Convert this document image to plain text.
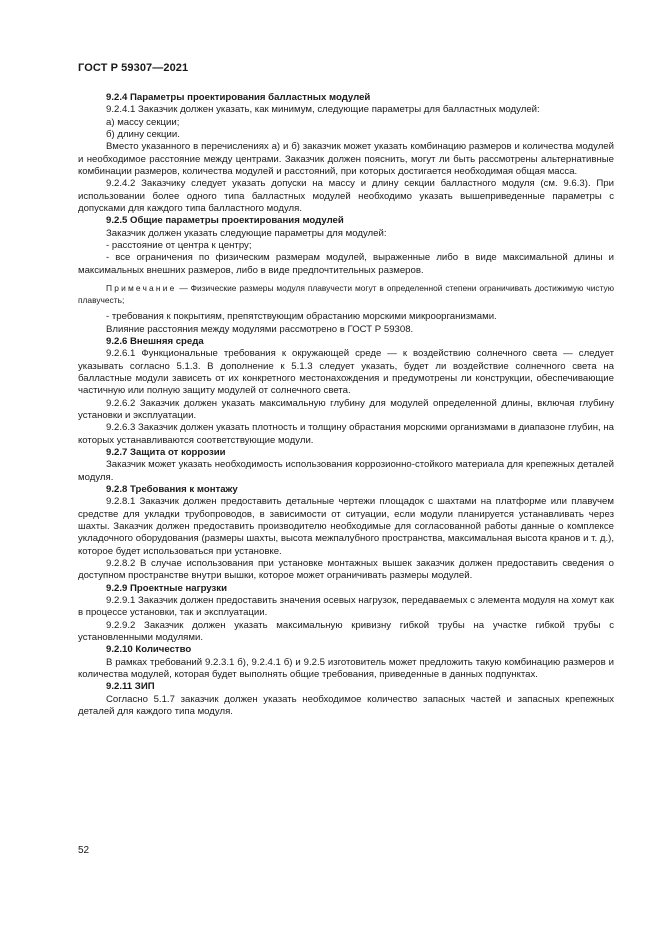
ГОСТ Р 59307—2021

9.2.4 Параметры проектирования балластных модулей

9.2.4.1 Заказчик должен указать, как минимум, следующие параметры для балластных модулей:

а) массу секции;

б) длину секции.

Вместо указанного в перечислениях а) и б) заказчик может указать комбинацию размеров и количества модулей и необходимое расстояние между центрами. Заказчик должен пояснить, могут ли быть рассмотрены альтернативные комбинации размеров, количества модулей и расстояний, при которых достигается необходимая общая масса.

9.2.4.2 Заказчику следует указать допуски на массу и длину секции балластного модуля (см. 9.6.3). При использовании более одного типа балластных модулей необходимо указать вышеприведенные параметры с допусками для каждого типа балластного модуля.

9.2.5 Общие параметры проектирования модулей

Заказчик должен указать следующие параметры для модулей:

- расстояние от центра к центру;

- все ограничения по физическим размерам модулей, выраженные либо в виде максимальной длины и максимальных внешних размеров, либо в виде предпочтительных размеров.

Примечание — Физические размеры модуля плавучести могут в определенной степени ограничивать достижимую чистую плавучесть;

- требования к покрытиям, препятствующим обрастанию морскими микроорганизмами.

Влияние расстояния между модулями рассмотрено в ГОСТ Р 59308.

9.2.6 Внешняя среда

9.2.6.1 Функциональные требования к окружающей среде — к воздействию солнечного света — следует указывать согласно 5.1.3. В дополнение к 5.1.3 следует указать, будет ли воздействие солнечного света на балластные модули зависеть от их конкретного местонахождения и предумотрены ли конструкции, обеспечивающие частичную или полную защиту модулей от солнечного света.

9.2.6.2 Заказчик должен указать максимальную глубину для модулей определенной длины, включая глубину установки и эксплуатации.

9.2.6.3 Заказчик должен указать плотность и толщину обрастания морскими организмами в диапазоне глубин, на которых устанавливаются соответствующие модули.

9.2.7 Защита от коррозии

Заказчик может указать необходимость использования коррозионно-стойкого материала для крепежных деталей модуля.

9.2.8 Требования к монтажу

9.2.8.1 Заказчик должен предоставить детальные чертежи площадок с шахтами на платформе или плавучем средстве для укладки трубопроводов, в зависимости от ситуации, если модули планируется устанавливать через шахты. Заказчик должен предоставить производителю необходимые для согласованной работы данные о комплексе укладочного оборудования (размеры шахты, высота межпалубного пространства, максимальная высота кранов и т. д.), которое будет использоваться при установке.

9.2.8.2 В случае использования при установке монтажных вышек заказчик должен предоставить сведения о доступном пространстве внутри вышки, которое может ограничивать размеры модулей.

9.2.9 Проектные нагрузки

9.2.9.1 Заказчик должен предоставить значения осевых нагрузок, передаваемых с элемента модуля на хомут как в процессе установки, так и эксплуатации.

9.2.9.2 Заказчик должен указать максимальную кривизну гибкой трубы на участке гибкой трубы с установленными модулями.

9.2.10 Количество

В рамках требований 9.2.3.1 б), 9.2.4.1 б) и 9.2.5 изготовитель может предложить такую комбинацию размеров и количества модулей, которая будет выполнять общие требования, приведенные в данных подпунктах.

9.2.11 ЗИП

Согласно 5.1.7 заказчик должен указать необходимое количество запасных частей и запасных крепежных деталей для каждого типа модуля.

52
